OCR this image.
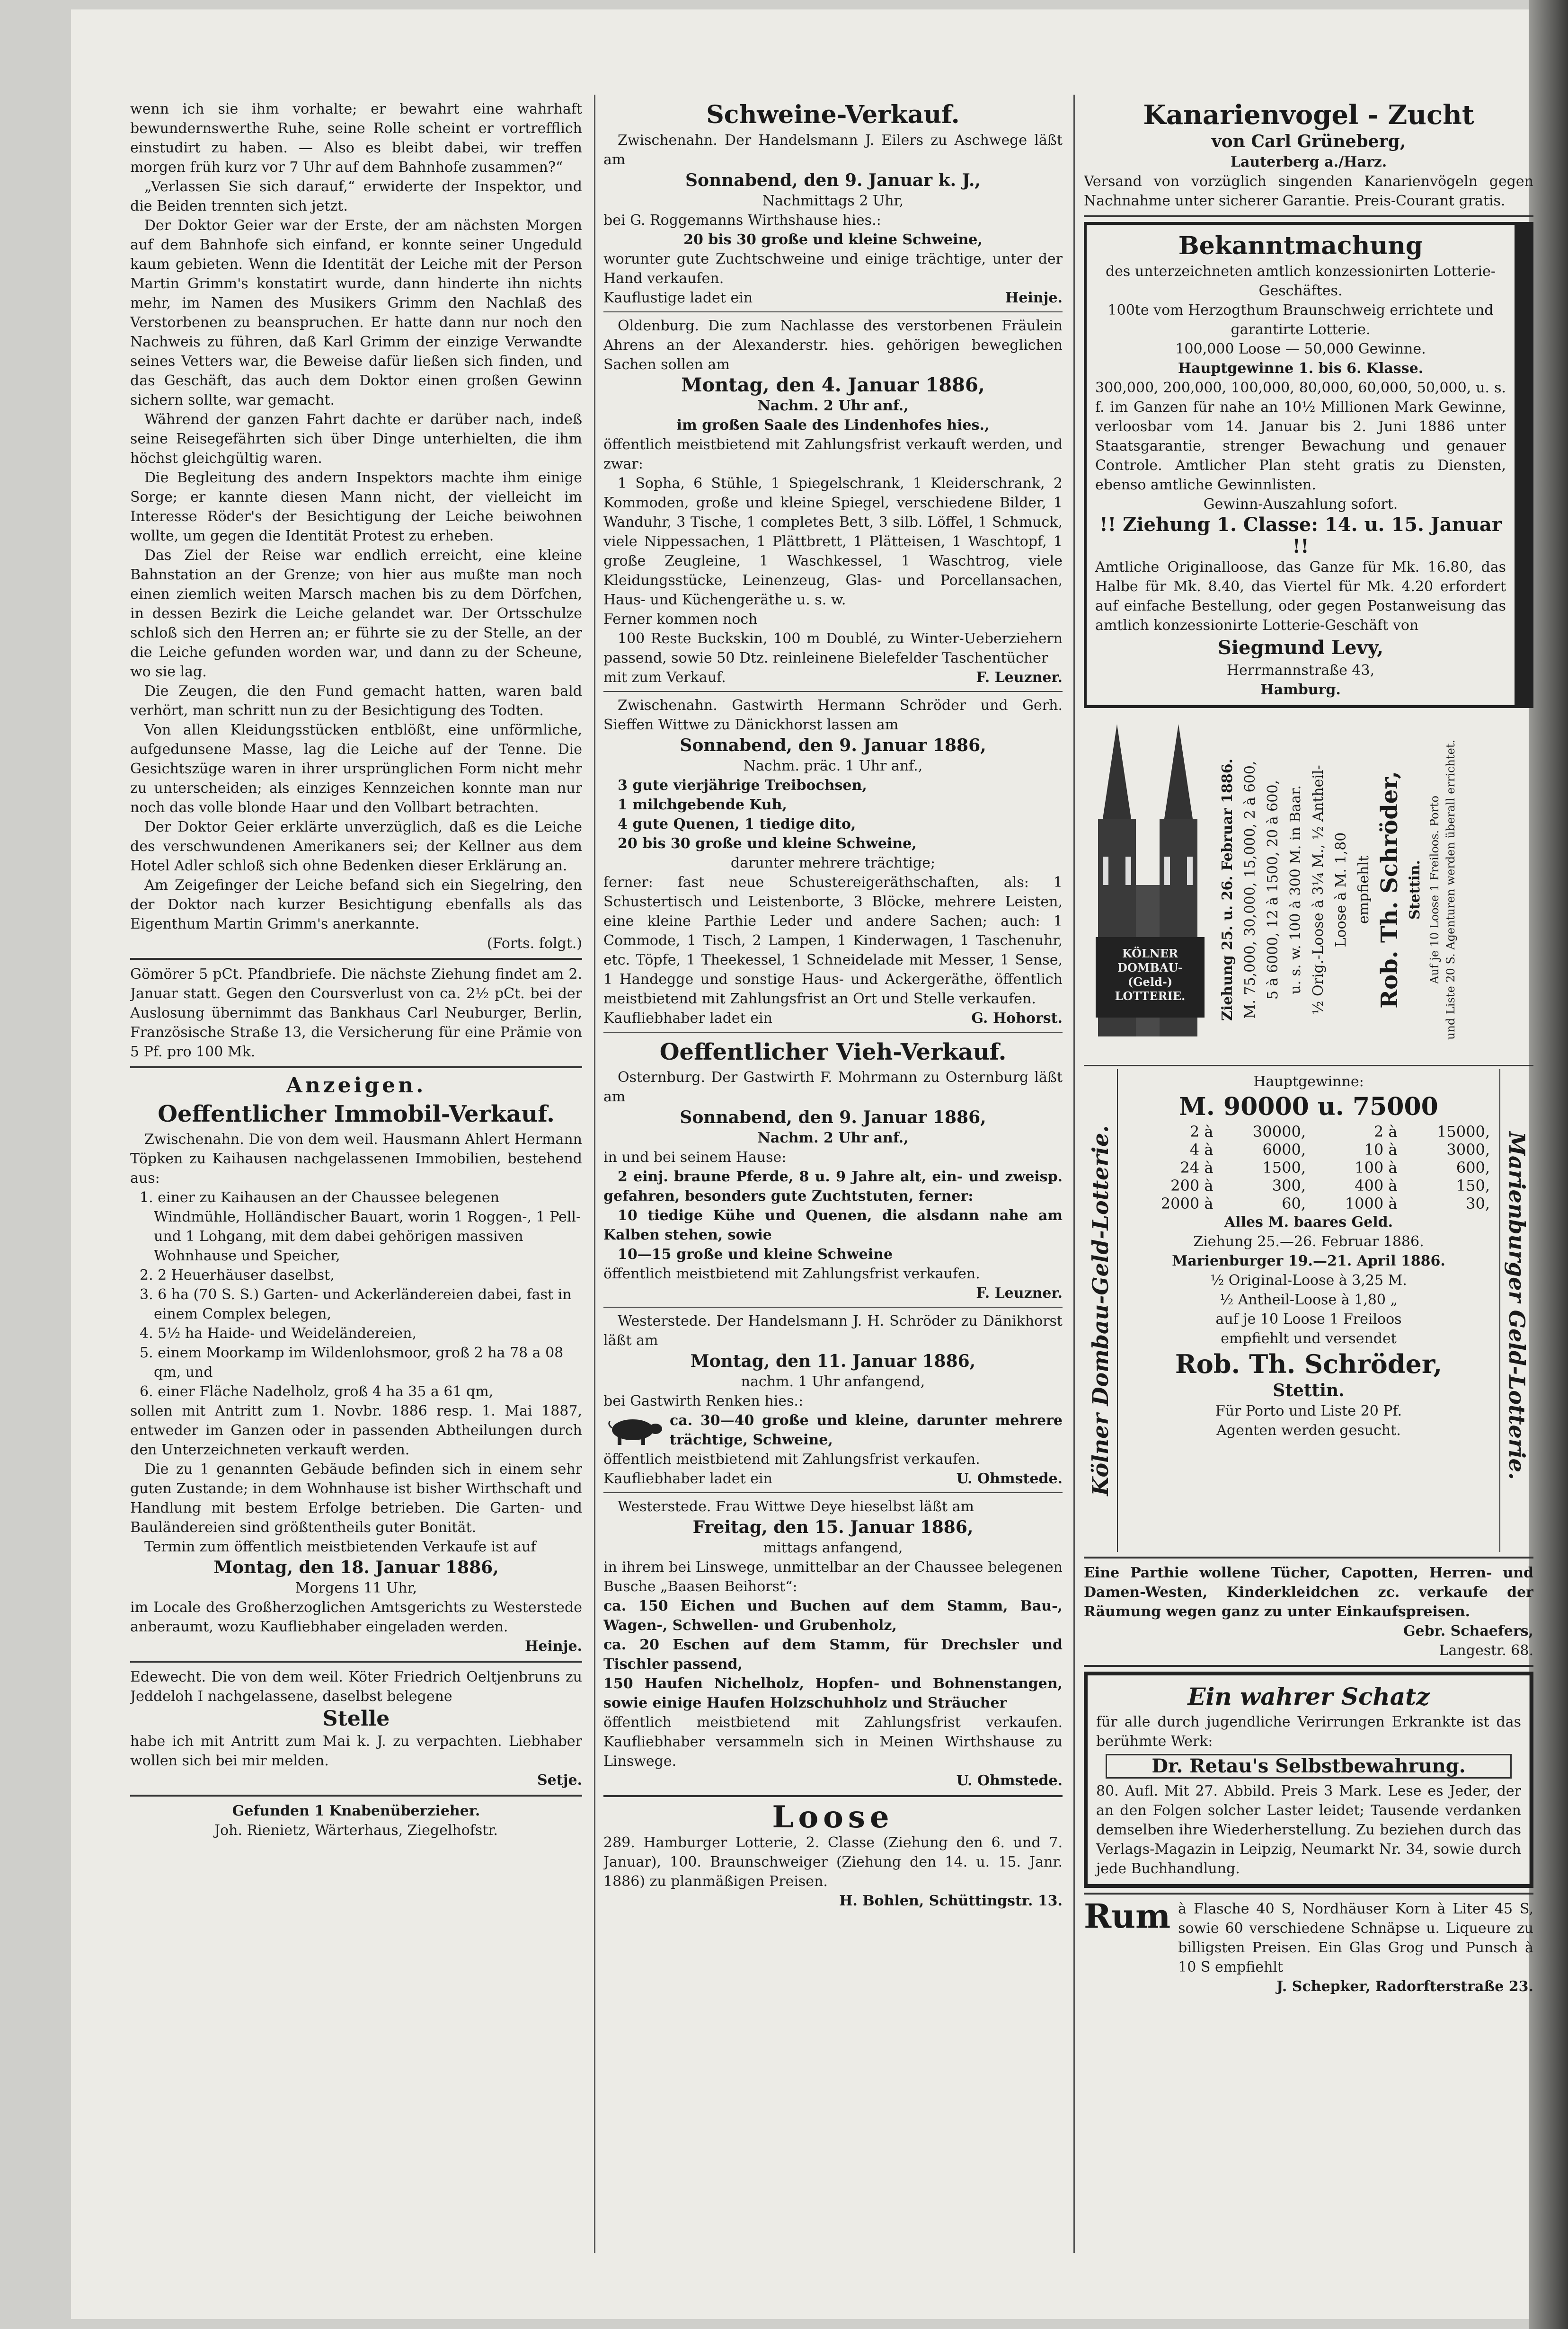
wenn ich sie ihm vorhalte; er bewahrt eine wahrhaft bewundernswerthe Ruhe, seine Rolle scheint er vortrefflich einstudirt zu haben. — Also es bleibt dabei, wir treffen morgen früh kurz vor 7 Uhr auf dem Bahnhofe zusammen?“

„Verlassen Sie sich darauf,“ erwiderte der Inspektor, und die Beiden trennten sich jetzt.

Der Doktor Geier war der Erste, der am nächsten Morgen auf dem Bahnhofe sich einfand, er konnte seiner Ungeduld kaum gebieten. Wenn die Identität der Leiche mit der Person Martin Grimm's konstatirt wurde, dann hinderte ihn nichts mehr, im Namen des Musikers Grimm den Nachlaß des Verstorbenen zu beanspruchen. Er hatte dann nur noch den Nachweis zu führen, daß Karl Grimm der einzige Verwandte seines Vetters war, die Beweise dafür ließen sich finden, und das Geschäft, das auch dem Doktor einen großen Gewinn sichern sollte, war gemacht.

Während der ganzen Fahrt dachte er darüber nach, indeß seine Reisegefährten sich über Dinge unterhielten, die ihm höchst gleichgültig waren.

Die Begleitung des andern Inspektors machte ihm einige Sorge; er kannte diesen Mann nicht, der vielleicht im Interesse Röder's der Besichtigung der Leiche beiwohnen wollte, um gegen die Identität Protest zu erheben.

Das Ziel der Reise war endlich erreicht, eine kleine Bahnstation an der Grenze; von hier aus mußte man noch einen ziemlich weiten Marsch machen bis zu dem Dörfchen, in dessen Bezirk die Leiche gelandet war. Der Ortsschulze schloß sich den Herren an; er führte sie zu der Stelle, an der die Leiche gefunden worden war, und dann zu der Scheune, wo sie lag.

Die Zeugen, die den Fund gemacht hatten, waren bald verhört, man schritt nun zu der Besichtigung des Todten.

Von allen Kleidungsstücken entblößt, eine unförmliche, aufgedunsene Masse, lag die Leiche auf der Tenne. Die Gesichtszüge waren in ihrer ursprünglichen Form nicht mehr zu unterscheiden; als einziges Kennzeichen konnte man nur noch das volle blonde Haar und den Vollbart betrachten.

Der Doktor Geier erklärte unverzüglich, daß es die Leiche des verschwundenen Amerikaners sei; der Kellner aus dem Hotel Adler schloß sich ohne Bedenken dieser Erklärung an.

Am Zeigefinger der Leiche befand sich ein Siegelring, den der Doktor nach kurzer Besichtigung ebenfalls als das Eigenthum Martin Grimm's anerkannte.

(Forts. folgt.)

Gömörer 5 pCt. Pfandbriefe. Die nächste Ziehung findet am 2. Januar statt. Gegen den Coursverlust von ca. 2½ pCt. bei der Auslosung übernimmt das Bankhaus Carl Neuburger, Berlin, Französische Straße 13, die Versicherung für eine Prämie von 5 Pf. pro 100 Mk.

Anzeigen.

Oeffentlicher Immobil-Verkauf.

Zwischenahn. Die von dem weil. Hausmann Ahlert Hermann Töpken zu Kaihausen nachgelassenen Immobilien, bestehend aus:

1. einer zu Kaihausen an der Chaussee belegenen Windmühle, Holländischer Bauart, worin 1 Roggen-, 1 Pell- und 1 Lohgang, mit dem dabei gehörigen massiven Wohnhause und Speicher,
2. 2 Heuerhäuser daselbst,
3. 6 ha (70 S. S.) Garten- und Ackerländereien dabei, fast in einem Complex belegen,
4. 5½ ha Haide- und Weideländereien,
5. einem Moorkamp im Wildenlohsmoor, groß 2 ha 78 a 08 qm, und
6. einer Fläche Nadelholz, groß 4 ha 35 a 61 qm,

sollen mit Antritt zum 1. Novbr. 1886 resp. 1. Mai 1887, entweder im Ganzen oder in passenden Abtheilungen durch den Unterzeichneten verkauft werden.

Die zu 1 genannten Gebäude befinden sich in einem sehr guten Zustande; in dem Wohnhause ist bisher Wirthschaft und Handlung mit bestem Erfolge betrieben. Die Garten- und Bauländereien sind größtentheils guter Bonität.

Termin zum öffentlich meistbietenden Verkaufe ist auf

Montag, den 18. Januar 1886,

Morgens 11 Uhr,

im Locale des Großherzoglichen Amtsgerichts zu Westerstede anberaumt, wozu Kaufliebhaber eingeladen werden.

Heinje.

Edewecht. Die von dem weil. Köter Friedrich Oeltjenbruns zu Jeddeloh I nachgelassene, daselbst belegene

Stelle

habe ich mit Antritt zum Mai k. J. zu verpachten. Liebhaber wollen sich bei mir melden.

Setje.

Gefunden 1 Knabenüberzieher.

Joh. Rienietz, Wärterhaus, Ziegelhofstr.

Schweine-Verkauf.

Zwischenahn. Der Handelsmann J. Eilers zu Aschwege läßt am

Sonnabend, den 9. Januar k. J.,

Nachmittags 2 Uhr,

bei G. Roggemanns Wirthshause hies.:

20 bis 30 große und kleine Schweine,

worunter gute Zuchtschweine und einige trächtige, unter der Hand verkaufen.

Kauflustige ladet ein	Heinje.

Oldenburg. Die zum Nachlasse des verstorbenen Fräulein Ahrens an der Alexanderstr. hies. gehörigen beweglichen Sachen sollen am

Montag, den 4. Januar 1886,

Nachm. 2 Uhr anf.,

im großen Saale des Lindenhofes hies.,

öffentlich meistbietend mit Zahlungsfrist verkauft werden, und zwar:

1 Sopha, 6 Stühle, 1 Spiegelschrank, 1 Kleiderschrank, 2 Kommoden, große und kleine Spiegel, verschiedene Bilder, 1 Wanduhr, 3 Tische, 1 completes Bett, 3 silb. Löffel, 1 Schmuck, viele Nippessachen, 1 Plättbrett, 1 Plätteisen, 1 Waschtopf, 1 große Zeugleine, 1 Waschkessel, 1 Waschtrog, viele Kleidungsstücke, Leinenzeug, Glas- und Porcellansachen, Haus- und Küchengeräthe u. s. w.

Ferner kommen noch

100 Reste Buckskin, 100 m Doublé, zu Winter-Ueberziehern passend, sowie 50 Dtz. reinleinene Bielefelder Taschentücher

mit zum Verkauf.	F. Leuzner.

Zwischenahn. Gastwirth Hermann Schröder und Gerh. Sieffen Wittwe zu Dänickhorst lassen am

Sonnabend, den 9. Januar 1886,

Nachm. präc. 1 Uhr anf.,

3 gute vierjährige Treibochsen,

1 milchgebende Kuh,

4 gute Quenen, 1 tiedige dito,

20 bis 30 große und kleine Schweine,

darunter mehrere trächtige;

ferner: fast neue Schustereigeräthschaften, als: 1 Schustertisch und Leistenborte, 3 Blöcke, mehrere Leisten, eine kleine Parthie Leder und andere Sachen; auch: 1 Commode, 1 Tisch, 2 Lampen, 1 Kinderwagen, 1 Taschenuhr, etc. Töpfe, 1 Theekessel, 1 Schneidelade mit Messer, 1 Sense, 1 Handegge und sonstige Haus- und Ackergeräthe, öffentlich meistbietend mit Zahlungsfrist an Ort und Stelle verkaufen.

Kaufliebhaber ladet ein	G. Hohorst.

Oeffentlicher Vieh-Verkauf.

Osternburg. Der Gastwirth F. Mohrmann zu Osternburg läßt am

Sonnabend, den 9. Januar 1886,

Nachm. 2 Uhr anf.,

in und bei seinem Hause:

2 einj. braune Pferde, 8 u. 9 Jahre alt, ein- und zweisp. gefahren, besonders gute Zuchtstuten, ferner:

10 tiedige Kühe und Quenen, die alsdann nahe am Kalben stehen, sowie

10—15 große und kleine Schweine

öffentlich meistbietend mit Zahlungsfrist verkaufen.

F. Leuzner.

Westerstede. Der Handelsmann J. H. Schröder zu Dänikhorst läßt am

Montag, den 11. Januar 1886,

nachm. 1 Uhr anfangend,

bei Gastwirth Renken hies.:

ca. 30—40 große und kleine, darunter mehrere trächtige, Schweine,

öffentlich meistbietend mit Zahlungsfrist verkaufen.

Kaufliebhaber ladet ein	U. Ohmstede.

Westerstede. Frau Wittwe Deye hieselbst läßt am

Freitag, den 15. Januar 1886,

mittags anfangend,

in ihrem bei Linswege, unmittelbar an der Chaussee belegenen Busche „Baasen Beihorst“:

ca. 150 Eichen und Buchen auf dem Stamm, Bau-, Wagen-, Schwellen- und Grubenholz,

ca. 20 Eschen auf dem Stamm, für Drechsler und Tischler passend,

150 Haufen Nichelholz, Hopfen- und Bohnenstangen, sowie einige Haufen Holzschuhholz und Sträucher

öffentlich meistbietend mit Zahlungsfrist verkaufen. Kaufliebhaber versammeln sich in Meinen Wirthshause zu Linswege.

U. Ohmstede.

Loose

289. Hamburger Lotterie, 2. Classe (Ziehung den 6. und 7. Januar), 100. Braunschweiger (Ziehung den 14. u. 15. Janr. 1886) zu planmäßigen Preisen.

H. Bohlen, Schüttingstr. 13.

Kanarienvogel - Zucht

von Carl Grüneberg,

Lauterberg a./Harz.

Versand von vorzüglich singenden Kanarienvögeln gegen Nachnahme unter sicherer Garantie. Preis-Courant gratis.

Bekanntmachung

des unterzeichneten amtlich konzessionirten Lotterie-Geschäftes.

100te vom Herzogthum Braunschweig errichtete und garantirte Lotterie.

100,000 Loose — 50,000 Gewinne.

Hauptgewinne 1. bis 6. Klasse.

300,000, 200,000, 100,000, 80,000, 60,000, 50,000, u. s. f. im Ganzen für nahe an 10½ Millionen Mark Gewinne, verloosbar vom 14. Januar bis 2. Juni 1886 unter Staatsgarantie, strenger Bewachung und genauer Controle. Amtlicher Plan steht gratis zu Diensten, ebenso amtliche Gewinnlisten.

Gewinn-Auszahlung sofort.

!! Ziehung 1. Classe: 14. u. 15. Januar !!

Amtliche Originalloose, das Ganze für Mk. 16.80, das Halbe für Mk. 8.40, das Viertel für Mk. 4.20 erfordert auf einfache Bestellung, oder gegen Postanweisung das amtlich konzessionirte Lotterie-Geschäft von

Siegmund Levy,

Herrmannstraße 43,

Hamburg.

KÖLNER DOMBAU- (Geld-) LOTTERIE.	Ziehung 25. u. 26. Februar 1886. M. 75,000, 30,000, 15,000, 2 à 600, 5 à 6000, 12 à 1500, 20 à 600, u. s. w. 100 à 300 M. in Baar. ½ Orig.-Loose à 3¼ M., ½ Antheil- Loose à M. 1,80 empfiehlt Rob. Th. Schröder, Stettin. Auf je 10 Loose 1 Freiloos. Porto und Liste 20 S. Agenturen werden überall errichtet.

Kölner Dombau-Geld-Lotterie.

Hauptgewinne:

M. 90000 u. 75000

2 à	30000,	2 à	15000,
4 à	6000,	10 à	3000,
24 à	1500,	100 à	600,
200 à	300,	400 à	150,
2000 à	60,	1000 à	30,

Alles M. baares Geld.

Ziehung 25.—26. Februar 1886.

Marienburger 19.—21. April 1886.

½ Original-Loose à 3,25 M.

½ Antheil-Loose à 1,80 „

auf je 10 Loose 1 Freiloos

empfiehlt und versendet

Rob. Th. Schröder,

Stettin.

Für Porto und Liste 20 Pf.

Agenten werden gesucht.	Marienburger Geld-Lotterie.

Eine Parthie wollene Tücher, Capotten, Herren- und Damen-Westen, Kinderkleidchen zc. verkaufe der Räumung wegen ganz zu unter Einkaufspreisen.

Gebr. Schaefers,

Langestr. 68.

Ein wahrer Schatz

für alle durch jugendliche Verirrungen Erkrankte ist das berühmte Werk:

Dr. Retau's Selbstbewahrung.

80. Aufl. Mit 27. Abbild. Preis 3 Mark. Lese es Jeder, der an den Folgen solcher Laster leidet; Tausende verdanken demselben ihre Wiederherstellung. Zu beziehen durch das Verlags-Magazin in Leipzig, Neumarkt Nr. 34, sowie durch jede Buchhandlung.

Rum à Flasche 40 S, Nordhäuser Korn à Liter 45 S, sowie 60 verschiedene Schnäpse u. Liqueure zu billigsten Preisen. Ein Glas Grog und Punsch à 10 S empfiehlt

J. Schepker, Radorfterstraße 23.
